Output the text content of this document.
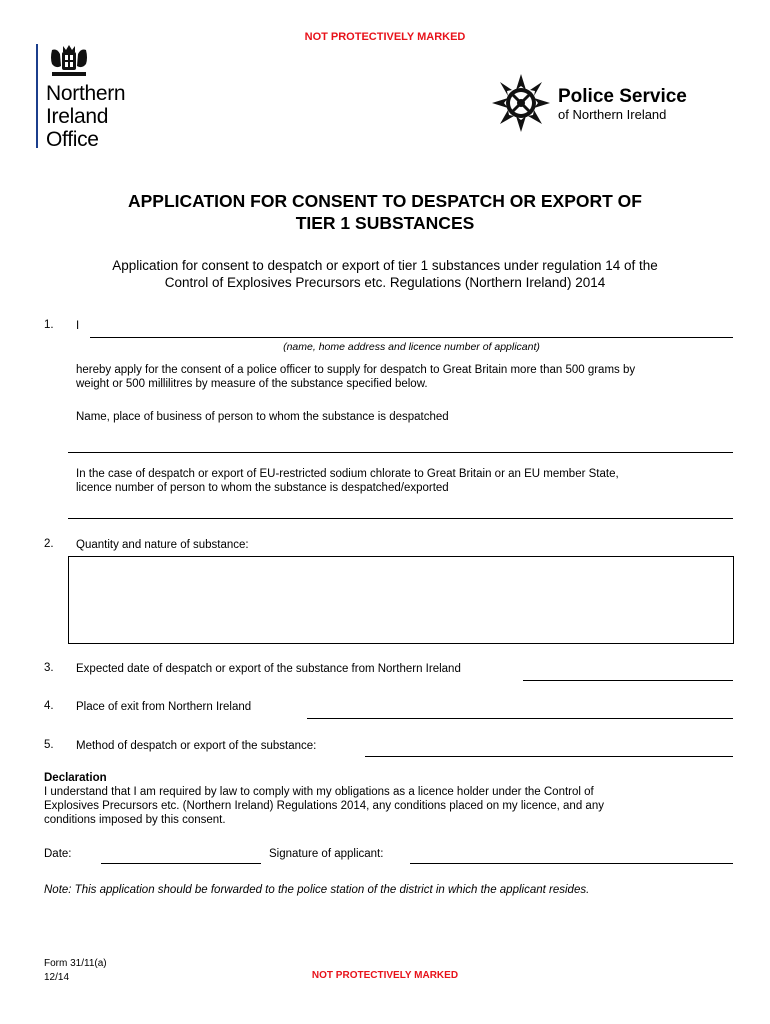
NOT PROTECTIVELY MARKED
Northern
Ireland
Office
Police Service
of Northern Ireland
APPLICATION FOR CONSENT TO DESPATCH OR EXPORT OF
TIER 1 SUBSTANCES
Application for consent to despatch or export of tier 1 substances under regulation 14 of the
Control of Explosives Precursors etc. Regulations (Northern Ireland) 2014
1. I
(name, home address and licence number of applicant)
hereby apply for the consent of a police officer to supply for despatch to Great Britain more than 500 grams by
weight or 500 millilitres by measure of the substance specified below.
Name, place of business of person to whom the substance is despatched
In the case of despatch or export of EU-restricted sodium chlorate to Great Britain or an EU member State,
licence number of person to whom the substance is despatched/exported
2. Quantity and nature of substance:
3. Expected date of despatch or export of the substance from Northern Ireland
4. Place of exit from Northern Ireland
5. Method of despatch or export of the substance:
Declaration
I understand that I am required by law to comply with my obligations as a licence holder under the Control of
Explosives Precursors etc. (Northern Ireland) Regulations 2014, any conditions placed on my licence, and any
conditions imposed by this consent.
Date:	Signature of applicant:
Note: This application should be forwarded to the police station of the district in which the applicant resides.
Form 31/11(a)
12/14	NOT PROTECTIVELY MARKED
